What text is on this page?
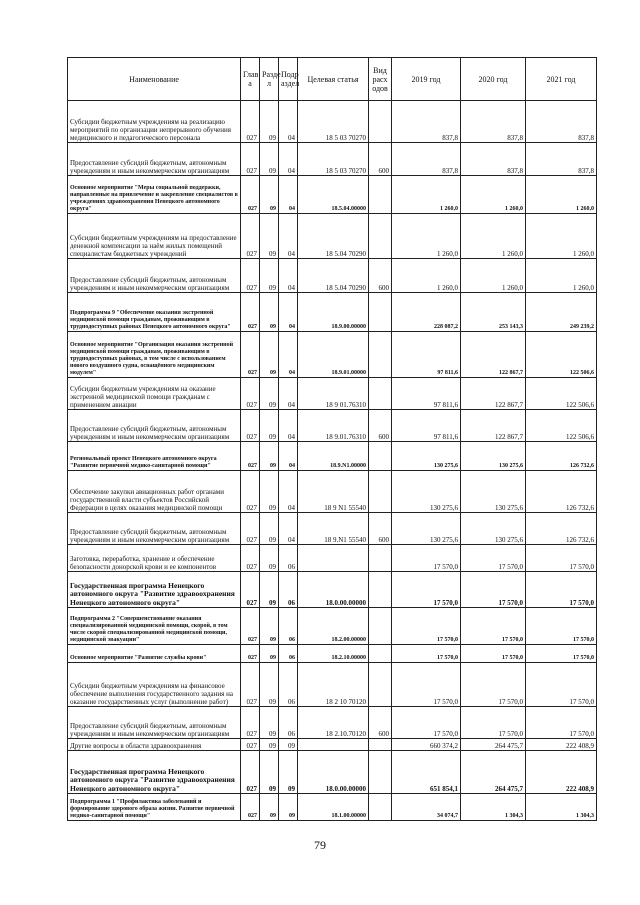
Наименование	Глав а	Разде л	Подр аздел	Целевая статья	Вид расх одов	2019 год	2020 год	2021 год
Субсидии бюджетным учреждениям на реализацию мероприятий по организации непрерывного обучения медицинского и педагогического персонала	027	09	04	18 5 03 70270		837,8	837,8	837,8
Предоставление субсидий бюджетным, автономным учреждениям и иным некоммерческим организациям	027	09	04	18 5 03 70270	600	837,8	837,8	837,8
Основное мероприятие "Меры социальной поддержки, направленные на привлечение и закрепление специалистов в учреждениях здравоохранения Ненецкого автономного округа"	027	09	04	18.5.04.00000		1 260,0	1 260,0	1 260,0
Субсидии бюджетным учреждениям на предоставление денежной компенсации за наём жилых помещений специалистам бюджетных учреждений	027	09	04	18 5.04 70290		1 260,0	1 260,0	1 260,0
Предоставление субсидий бюджетным, автономным учреждениям и иным некоммерческим организациям	027	09	04	18 5.04 70290	600	1 260,0	1 260,0	1 260,0
Подпрограмма 9 "Обеспечение оказания экстренной медицинской помощи гражданам, проживающим в труднодоступных районах Ненецкого автономного округа"	027	09	04	18.9.00.00000		228 087,2	253 143,3	249 239,2
Основное мероприятие "Организация оказания экстренной медицинской помощи гражданам, проживающим в труднодоступных районах, в том числе с использованием нового воздушного судна, оснащённого медицинским модулем"	027	09	04	18.9.01.00000		97 811,6	122 867,7	122 506,6
Субсидии бюджетным учреждениям на оказание экстренной медицинской помощи гражданам с применением авиации	027	09	04	18 9 01.76310		97 811,6	122 867,7	122 506,6
Предоставление субсидий бюджетным, автономным учреждениям и иным некоммерческим организациям	027	09	04	18 9.01.76310	600	97 811,6	122 867,7	122 506,6
Региональный проект Ненецкого автономного округа "Развитие первичной медико-санитарной помощи"	027	09	04	18.9.N1.00000		130 275,6	130 275,6	126 732,6
Обеспечение закупки авиационных работ органами государственной власти субъектов Российской Федерации в целях оказания медицинской помощи	027	09	04	18 9 N1 55540		130 275,6	130 275,6	126 732,6
Предоставление субсидий бюджетным, автономным учреждениям и иным некоммерческим организациям	027	09	04	18 9.N1 55540	600	130 275,6	130 275,6	126 732,6
Заготовка, переработка, хранение и обеспечение безопасности донорской крови и ее компонентов	027	09	06			17 570,0	17 570,0	17 570,0
Государственная программа Ненецкого автономного округа "Развитие здравоохранения Ненецкого автономного округа"	027	09	06	18.0.00.00000		17 570,0	17 570,0	17 570,0
Подпрограмма 2 "Совершенствование оказания специализированной медицинской помощи, скорой, в том числе скорой специализированной медицинской помощи, медицинской эвакуации"	027	09	06	18.2.00.00000		17 570,0	17 570,0	17 570,0
Основное мероприятие "Развитие службы крови"	027	09	06	18.2.10.00000		17 570,0	17 570,0	17 570,0
Субсидии бюджетным учреждениям на финансовое обеспечение выполнения государственного задания на оказание государственных услуг (выполнение работ)	027	09	06	18 2 10 70120		17 570,0	17 570,0	17 570,0
Предоставление субсидий бюджетным, автономным учреждениям и иным некоммерческим организациям	027	09	06	18 2.10.70120	600	17 570,0	17 570,0	17 570,0
Другие вопросы в области здравоохранения	027	09	09			660 374,2	264 475,7	222 408,9
Государственная программа Ненецкого автономного округа "Развитие здравоохранения Ненецкого автономного округа"	027	09	09	18.0.00.00000		651 854,1	264 475,7	222 408,9
Подпрограмма 1 "Профилактика заболеваний и формирование здорового образа жизни. Развитие первичной медико-санитарной помощи"	027	09	09	18.1.00.00000		34 074,7	1 304,3	1 304,3
79
